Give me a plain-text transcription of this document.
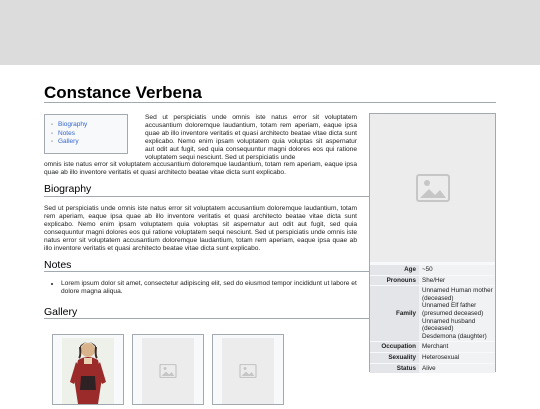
Constance Verbena
◦ Biography
◦ Notes
◦ Gallery

Sed ut perspiciatis unde omnis iste natus error sit voluptatem accusantium doloremque laudantium, totam rem aperiam, eaque ipsa quae ab illo inventore veritatis et quasi architecto beatae vitae dicta sunt explicabo. Nemo enim ipsam voluptatem quia voluptas sit aspernatur aut odit aut fugit, sed quia consequuntur magni dolores eos qui ratione voluptatem sequi nesciunt. Sed ut perspiciatis unde

omnis iste natus error sit voluptatem accusantium doloremque laudantium, totam rem aperiam, eaque ipsa quae ab illo inventore veritatis et quasi architecto beatae vitae dicta sunt explicabo.

Biography

Sed ut perspiciatis unde omnis iste natus error sit voluptatem accusantium doloremque laudantium, totam rem aperiam, eaque ipsa quae ab illo inventore veritatis et quasi architecto beatae vitae dicta sunt explicabo. Nemo enim ipsam voluptatem quia voluptas sit aspernatur aut odit aut fugit, sed quia consequuntur magni dolores eos qui ratione voluptatem sequi nesciunt. Sed ut perspiciatis unde omnis iste natus error sit voluptatem accusantium doloremque laudantium, totam rem aperiam, eaque ipsa quae ab illo inventore veritatis et quasi architecto beatae vitae dicta sunt explicabo.

Notes
• Lorem ipsum dolor sit amet, consectetur adipiscing elit, sed do eiusmod tempor incididunt ut labore et dolore magna aliqua.
Gallery
Age	~50
Pronouns	She/Her
Family	Unnamed Human mother (deceased)
Unnamed Elf father (presumed deceased)
Unnamed husband (deceased)
Desdemona (daughter)

Occupation	Merchant
Sexuality	Heterosexual
Status	Alive
